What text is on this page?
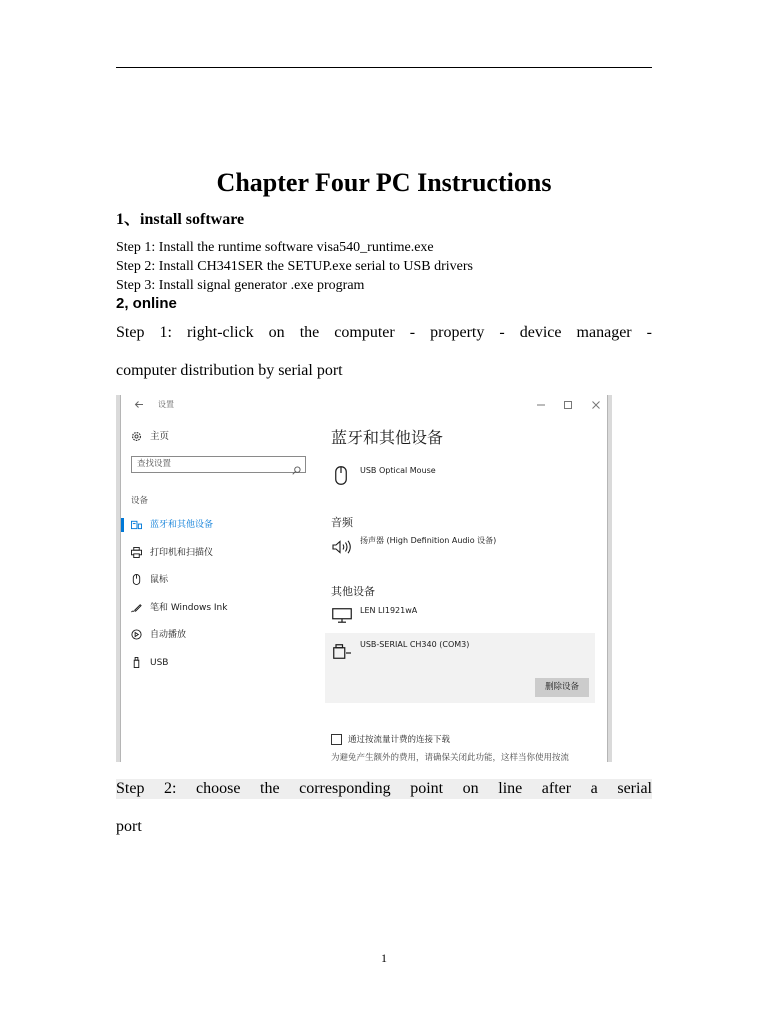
Chapter Four PC Instructions
1、install software
Step 1: Install the runtime software visa540_runtime.exe
Step 2: Install CH341SER the SETUP.exe serial to USB drivers
Step 3: Install signal generator .exe program
2, online
Step 1: right-click on the computer - property - device manager -
computer distribution by serial port
设置
主页
查找设置
设备
蓝牙和其他设备
打印机和扫描仪
鼠标
笔和 Windows Ink
自动播放
USB
蓝牙和其他设备
USB Optical Mouse
音频
扬声器 (High Definition Audio 设备)
其他设备
LEN LI1921wA
USB-SERIAL CH340 (COM3)
删除设备
通过按流量计费的连接下载
为避免产生额外的费用，请确保关闭此功能，这样当你使用按流
Step 2: choose the corresponding point on line after a serial
port
1
